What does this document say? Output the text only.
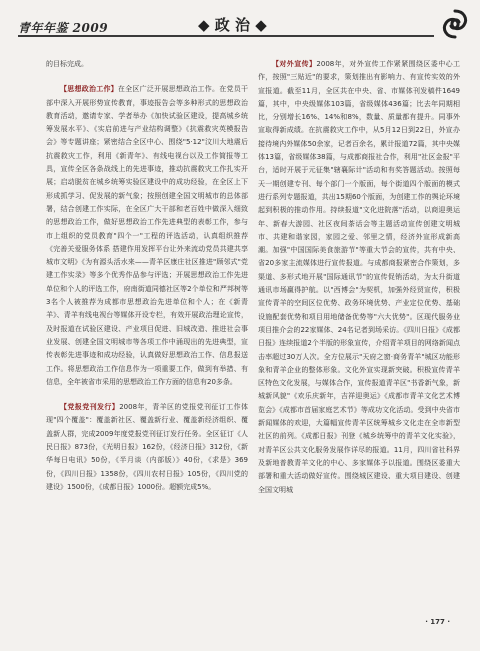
青年年鉴 2009	◆ 政 治 ◆

的目标完成。

【思想政治工作】在全区广泛开展思想政治工作。在党员干部中深入开展形势宣传教育，事迹报告会等多种形式的思想政治教育活动，邀请专家、学者举办《加快试验区建设，提高城乡统筹发展水平》、《实启前进与产业结构调整》《抗震救灾英模报告会》等专题讲座；紧密结合全区中心、围绕"5·12"汶川大地震后抗震救灾工作，利用《新青年》、有线电视台以及工作简报等工具，宣传全区各条战线上的先进事迹，推动抗震救灾工作扎实开展；启动脱贫在城乡统筹实验区建设中的成功经验，在全区上下形成抓学习、促发展的新气象；按照创建全国文明城市的总体部署，结合创建工作实际，在全区广大干部和老百姓中做深入细致的思想政治工作，做好思想政治工作先进典型的表彰工作，参与市上组织的党员教育"四个一"工程的评选活动，认真组织推荐《完善关爱服务体系 搭建作用发挥平台让外来流动党员共建共享城市文明》《为有源头活水来——青羊区康庄社区推进"顾邻式"党建工作实录》等多个优秀作品参与评选；开展思想政治工作先进单位和个人的评选工作，府南街道同德社区等2个单位和严邦树等3名个人被推荐为成都市思想政治先进单位和个人；在《新青羊》、青羊有线电视台等媒体开设专栏，有效开展政治理论宣传，及时报道在试验区建设、产业项目促进、旧城改造、推进社会事业发展、创建全国文明城市等各项工作中涌现出的先进典型，宣传表彰先进事迹和成功经验，认真做好思想政治工作、信息报送工作。将思想政治工作信息作为一项重要工作，做到有举措、有信息，全年被省市采用的思想政治工作方面的信息有20多条。

【党报党刊发行】2008年，青羊区的党报党刊征订工作体现"四个覆盖"：覆盖新社区、覆盖新行业、覆盖新经济组织、覆盖新人群，完成2009年度党报党刊征订发行任务。全区征订《人民日报》873份，《光明日报》162份，《经济日报》312份，《新华每日电讯》50份，《半月谈（内部版）》40份，《求是》369份，《四川日报》1358份，《四川农村日报》105份，《四川党的建设》1500份，《成都日报》1000份。超额完成5%。

【对外宣传】2008年，对外宣传工作紧紧围绕区委中心工作，按照"三贴近"的要求，策划推出有影响力、有宣传实效的外宣报道。截至11月，全区共在中央、省、市媒体刊发稿件1649篇，其中，中央级媒体103篇，省级媒体436篇；比去年同期相比，分别增长16%、14%和8%，数量、质量都有提升。同事外宣取得新成绩。在抗震救灾工作中，从5月12日到22日，外宣办接待境内外媒体50余家，记者百余名，累计报道72篇，其中央媒体13篇，省级媒体38篇，与成都商报社合作，利用"社区金报"平台，适时开展于元征集"辖襄际计"活动和有奖答题活动。按照每天一期创建专刊、每个部门一个版面，每个街道四个版面的模式进行系列专题报道，共出15期60个版面，为创建工作的舆论环境起到积极的推动作用。持续报道"文化进院落"活动，以商迎奥运年、新春大游园、社区夜间茶话会等主题活动宣传创建文明城市、共建和谐家园，家园之爱、邻里之情，经济外宣形成新高潮。加强"中国国际美食旅游节"等重大节会的宣传，共有中央、省20多家主流媒体进行宣传报道。与成都商报紧密合作策划，多渠道、多形式地开展"国际通讯节"的宣传促销活动，为太升街道通讯市场赢得护航。以"西博会"为契机，加强外经贸宣传，积极宣传青羊的空间区位优势、政务环境优势、产业定位优势、基础设施配套优势和项目用地储备优势等"六大优势"。区现代服务业项目推介会的22家媒体、24名记者到场采访。《四川日报》《成都日报》连续报道2个半版的形象宣传，介绍青羊项目的网络新闻点击率超过30万人次。全方位展示"天府之窗·商务青羊"城区功能形象和青羊企业的整体形象。文化外宣实现新突破。积极宣传青羊区特色文化发展，与媒体合作，宣传报道青羊区"书香新气象，新城新风貌"《欢乐庆新年，吉祥迎奥运》《成都市青羊文化艺术博览会》《成都市首届家庭艺术节》等成功文化活动。受到中央省市新闻媒体的欢迎，大篇幅宣传青羊区统筹城乡文化走在全市新型社区的前列。《成都日报》刊登《城乡统筹中的青羊文化实验》，对青羊区公共文化服务发展作详尽的报道。11月，四川省社科界及新地普教青羊文化的中心、多家媒体予以报道。围绕区委重大部署和重大活动做好宣传。围绕城区建设、重大项目建设、创建全国文明城

· 177 ·
